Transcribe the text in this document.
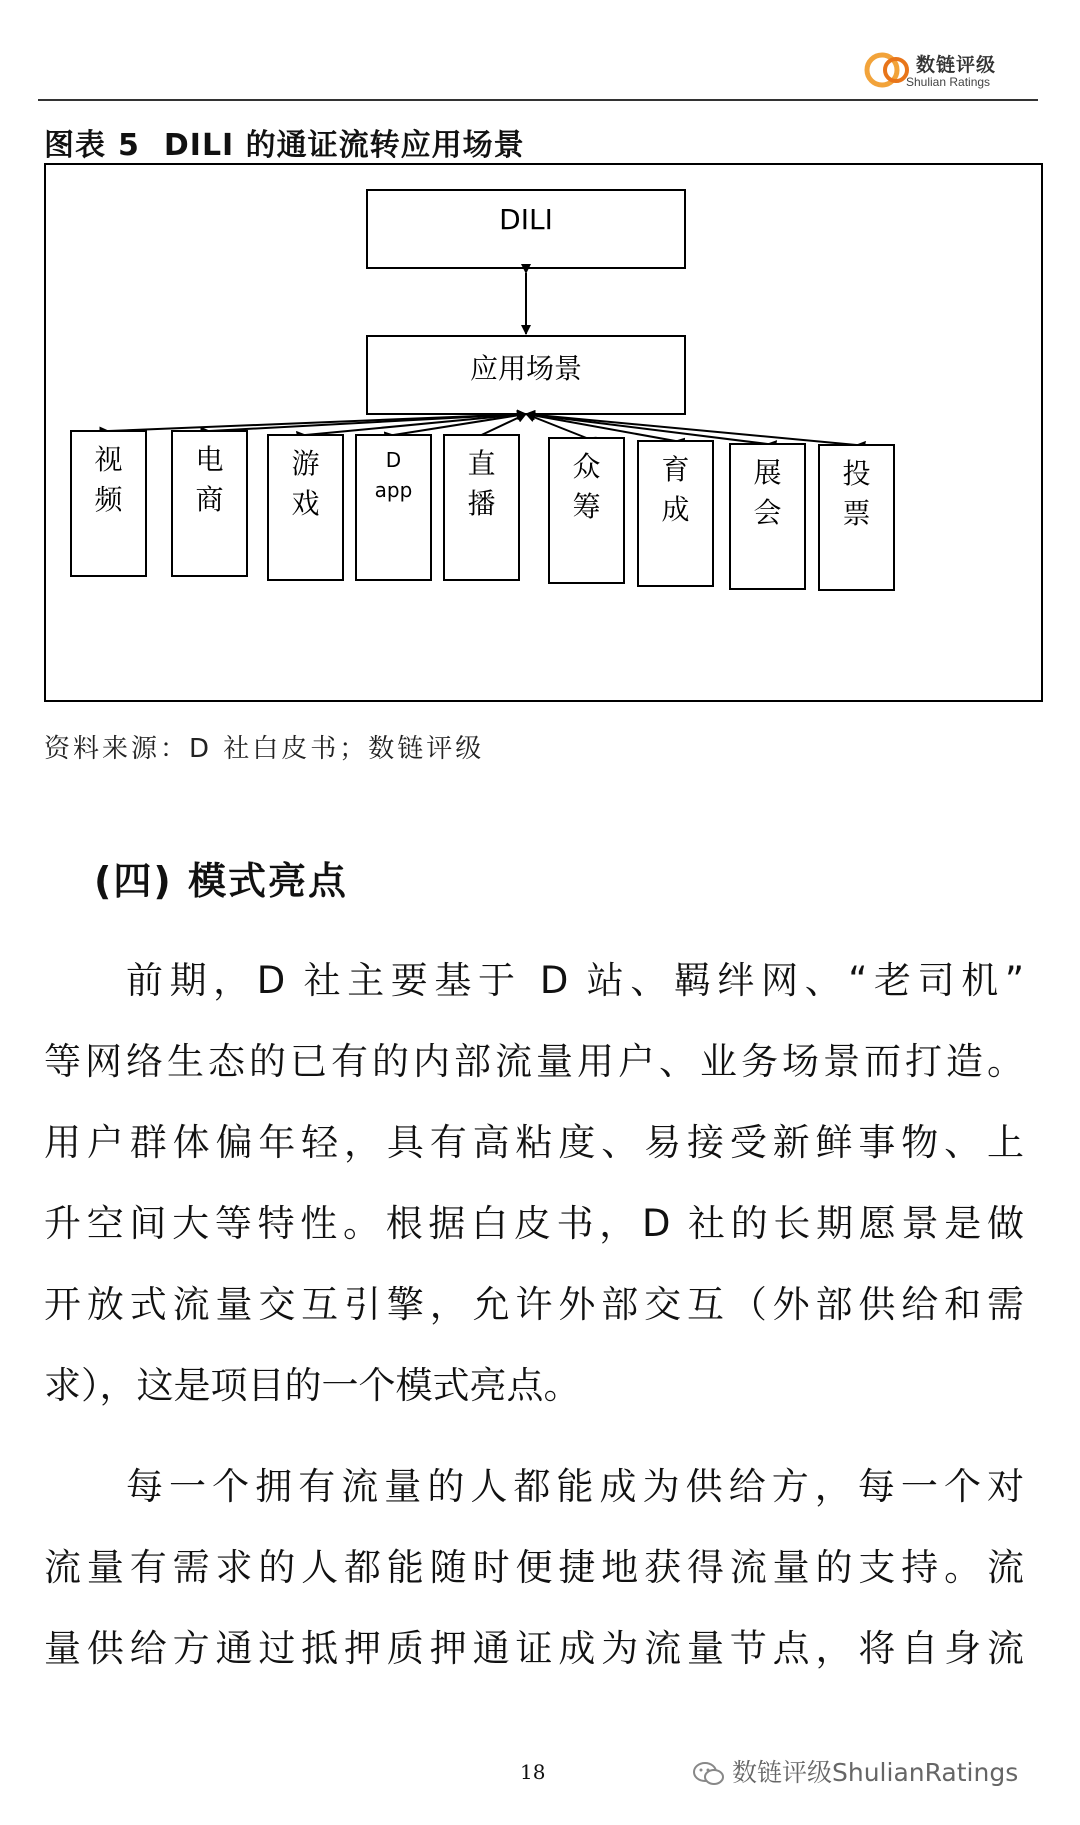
数链评级
Shulian Ratings
图表 5 DILI 的通证流转应用场景
DILI
应用场景
视
频
电
商
游
戏
D
app
直
播
众
筹
育
成
展
会
投
票
资料来源：D 社白皮书；数链评级
(四) 模式亮点
前期，D 社主要基于 D 站、羁绊网、“老司机”
等网络生态的已有的内部流量用户、业务场景而打造。
用户群体偏年轻，具有高粘度、易接受新鲜事物、上
升空间大等特性。根据白皮书，D 社的长期愿景是做
开放式流量交互引擎，允许外部交互（外部供给和需
求），这是项目的一个模式亮点。
每一个拥有流量的人都能成为供给方，每一个对
流量有需求的人都能随时便捷地获得流量的支持。流
量供给方通过抵押质押通证成为流量节点，将自身流
18	数链评级ShulianRatings
